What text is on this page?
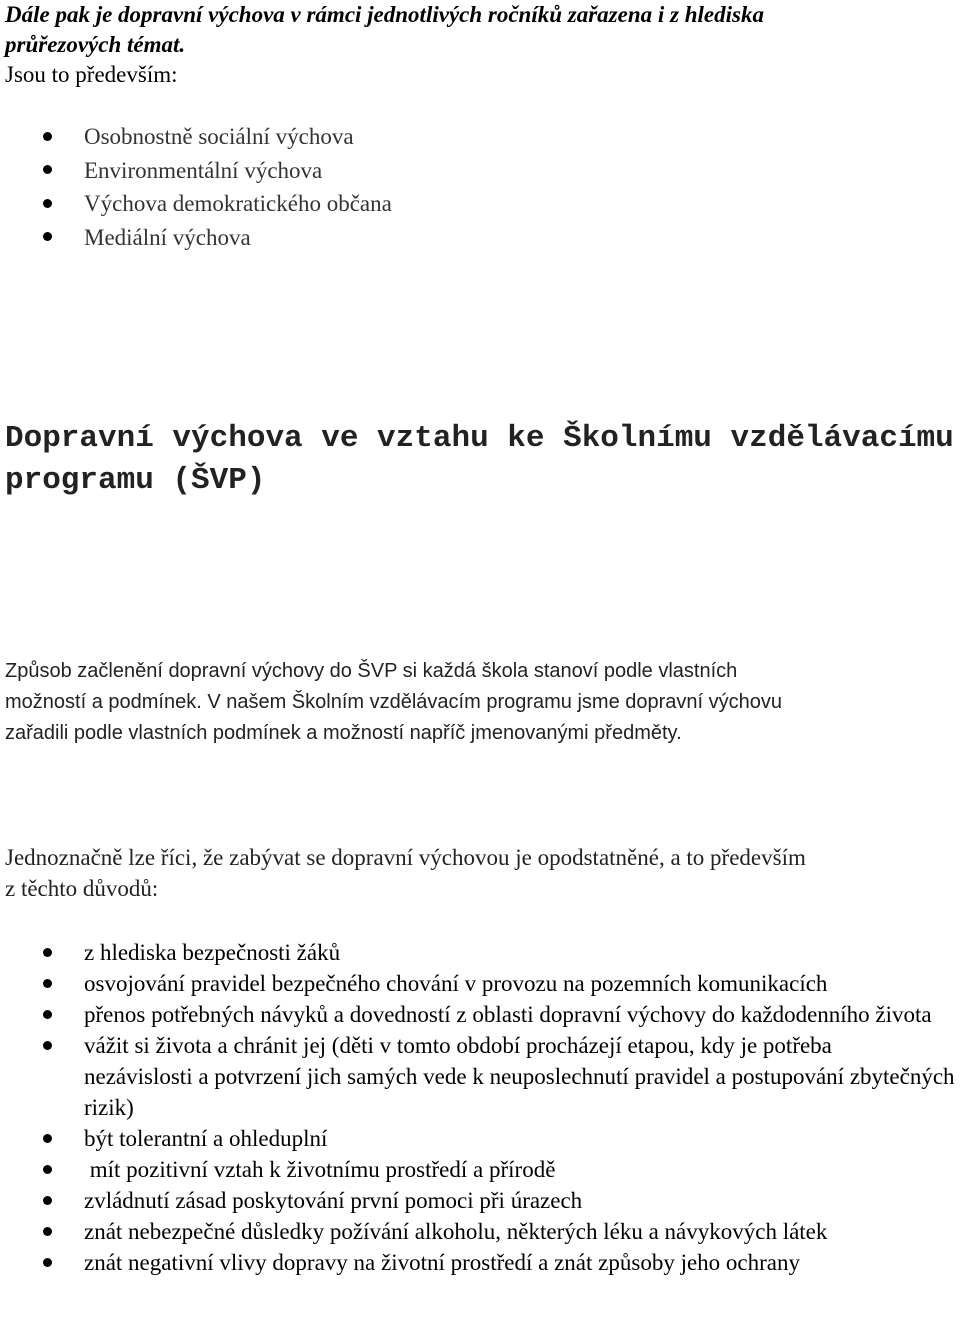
Dále pak je dopravní výchova v rámci jednotlivých ročníků zařazena i z hlediska
průřezových témat.
Jsou to především:
Osobnostně sociální výchova
Environmentální výchova
Výchova demokratického občana
Mediální výchova
Dopravní výchova ve vztahu ke Školnímu vzdělávacímu
programu (ŠVP)

Způsob začlenění dopravní výchovy do ŠVP si každá škola stanoví podle vlastních
možností a podmínek. V našem Školním vzdělávacím programu jsme dopravní výchovu
zařadili podle vlastních podmínek a možností napříč jmenovanými předměty.

Jednoznačně lze říci, že zabývat se dopravní výchovou je opodstatněné, a to především
z těchto důvodů:

z hlediska bezpečnosti žáků
osvojování pravidel bezpečného chování v provozu na pozemních komunikacích
přenos potřebných návyků a dovedností z oblasti dopravní výchovy do každodenního života
vážit si života a chránit jej (děti v tomto období procházejí etapou, kdy je potřeba
nezávislosti a potvrzení jich samých vede k neuposlechnutí pravidel a postupování zbytečných rizik)
být tolerantní a ohleduplní
mít pozitivní vztah k životnímu prostředí a přírodě
zvládnutí zásad poskytování první pomoci při úrazech
znát nebezpečné důsledky požívání alkoholu, některých léku a návykových látek
znát negativní vlivy dopravy na životní prostředí a znát způsoby jeho ochrany
